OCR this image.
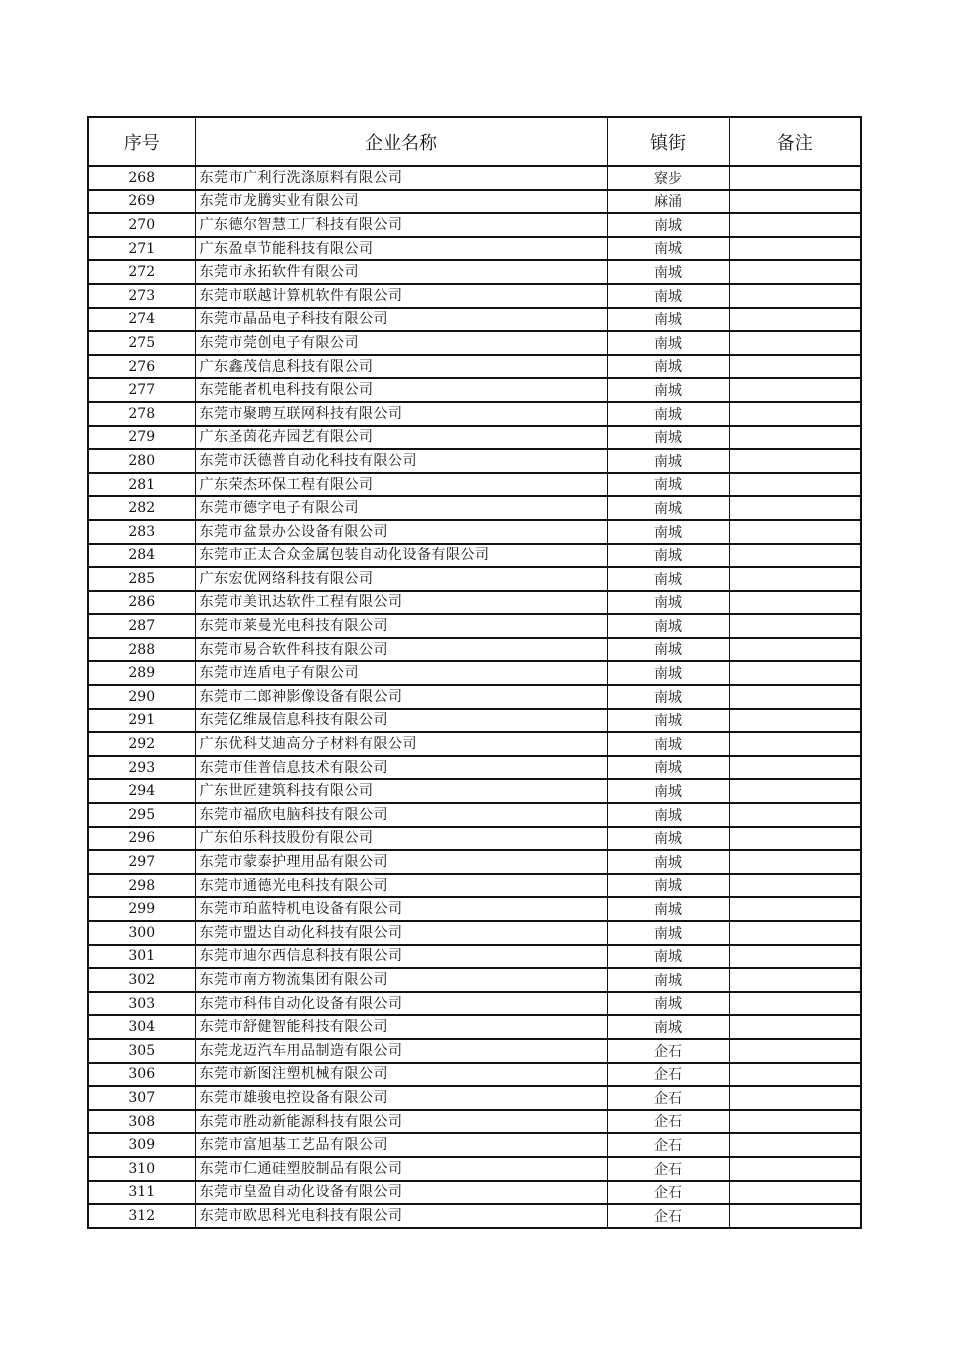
序号	企业名称	镇街	备注
268	东莞市广利行洗涤原料有限公司	寮步	
269	东莞市龙腾实业有限公司	麻涌	
270	广东德尔智慧工厂科技有限公司	南城	
271	广东盈卓节能科技有限公司	南城	
272	东莞市永拓软件有限公司	南城	
273	东莞市联越计算机软件有限公司	南城	
274	东莞市晶品电子科技有限公司	南城	
275	东莞市莞创电子有限公司	南城	
276	广东鑫茂信息科技有限公司	南城	
277	东莞能者机电科技有限公司	南城	
278	东莞市聚聘互联网科技有限公司	南城	
279	广东圣茵花卉园艺有限公司	南城	
280	东莞市沃德普自动化科技有限公司	南城	
281	广东荣杰环保工程有限公司	南城	
282	东莞市德字电子有限公司	南城	
283	东莞市盆景办公设备有限公司	南城	
284	东莞市正太合众金属包装自动化设备有限公司	南城	
285	广东宏优网络科技有限公司	南城	
286	东莞市美讯达软件工程有限公司	南城	
287	东莞市莱曼光电科技有限公司	南城	
288	东莞市易合软件科技有限公司	南城	
289	东莞市连盾电子有限公司	南城	
290	东莞市二郎神影像设备有限公司	南城	
291	东莞亿维晟信息科技有限公司	南城	
292	广东优科艾迪高分子材料有限公司	南城	
293	东莞市佳普信息技术有限公司	南城	
294	广东世匠建筑科技有限公司	南城	
295	东莞市福欣电脑科技有限公司	南城	
296	广东伯乐科技股份有限公司	南城	
297	东莞市蒙泰护理用品有限公司	南城	
298	东莞市通德光电科技有限公司	南城	
299	东莞市珀蓝特机电设备有限公司	南城	
300	东莞市盟达自动化科技有限公司	南城	
301	东莞市迪尔西信息科技有限公司	南城	
302	东莞市南方物流集团有限公司	南城	
303	东莞市科伟自动化设备有限公司	南城	
304	东莞市舒健智能科技有限公司	南城	
305	东莞龙迈汽车用品制造有限公司	企石	
306	东莞市新图注塑机械有限公司	企石	
307	东莞市雄骏电控设备有限公司	企石	
308	东莞市胜动新能源科技有限公司	企石	
309	东莞市富旭基工艺品有限公司	企石	
310	东莞市仁通硅塑胶制品有限公司	企石	
311	东莞市皇盈自动化设备有限公司	企石	
312	东莞市欧思科光电科技有限公司	企石	
